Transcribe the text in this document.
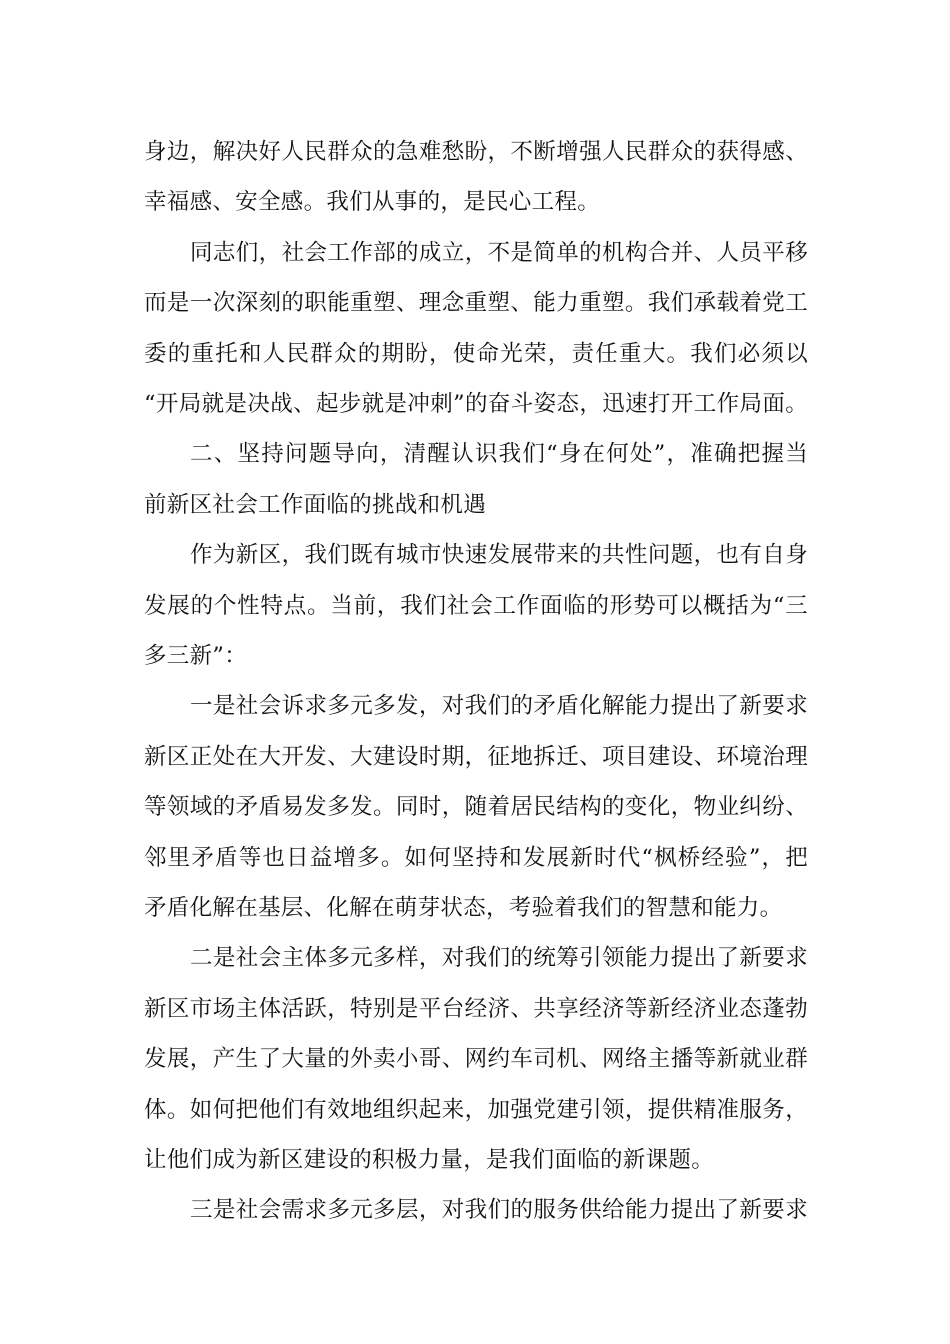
身边，解决好人民群众的急难愁盼，不断增强人民群众的获得感、
幸福感、安全感。我们从事的，是民心工程。
同志们，社会工作部的成立，不是简单的机构合并、人员平移
而是一次深刻的职能重塑、理念重塑、能力重塑。我们承载着党工
委的重托和人民群众的期盼，使命光荣，责任重大。我们必须以
“开局就是决战、起步就是冲刺”的奋斗姿态，迅速打开工作局面。
二、坚持问题导向，清醒认识我们“身在何处”，准确把握当
前新区社会工作面临的挑战和机遇
作为新区，我们既有城市快速发展带来的共性问题，也有自身
发展的个性特点。当前，我们社会工作面临的形势可以概括为“三
多三新”：
一是社会诉求多元多发，对我们的矛盾化解能力提出了新要求
新区正处在大开发、大建设时期，征地拆迁、项目建设、环境治理
等领域的矛盾易发多发。同时，随着居民结构的变化，物业纠纷、
邻里矛盾等也日益增多。如何坚持和发展新时代“枫桥经验”，把
矛盾化解在基层、化解在萌芽状态，考验着我们的智慧和能力。
二是社会主体多元多样，对我们的统筹引领能力提出了新要求
新区市场主体活跃，特别是平台经济、共享经济等新经济业态蓬勃
发展，产生了大量的外卖小哥、网约车司机、网络主播等新就业群
体。如何把他们有效地组织起来，加强党建引领，提供精准服务，
让他们成为新区建设的积极力量，是我们面临的新课题。
三是社会需求多元多层，对我们的服务供给能力提出了新要求
